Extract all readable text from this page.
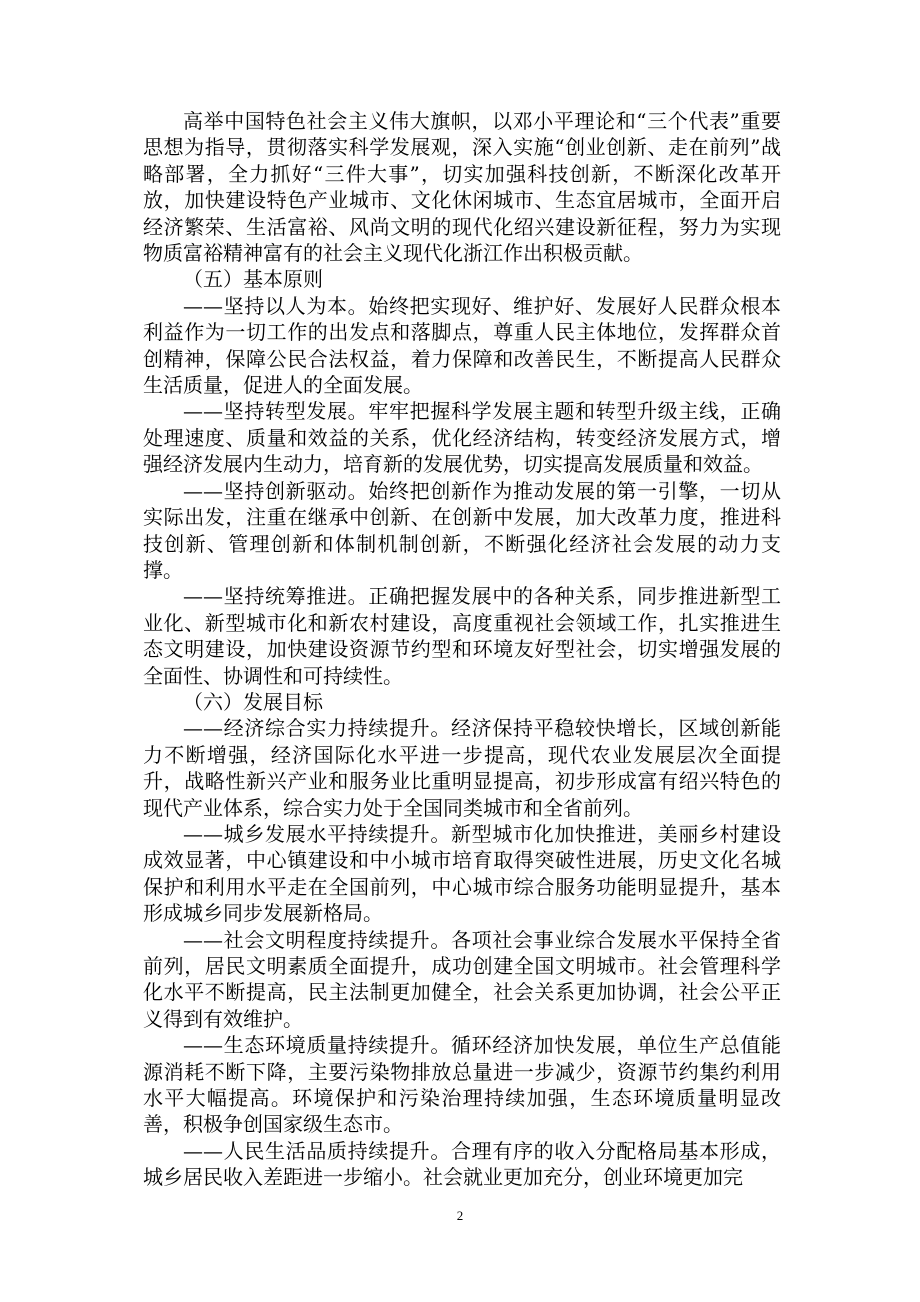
高举中国特色社会主义伟大旗帜，以邓小平理论和“三个代表”重要思想为指导，贯彻落实科学发展观，深入实施“创业创新、走在前列”战略部署，全力抓好“三件大事”，切实加强科技创新，不断深化改革开放，加快建设特色产业城市、文化休闲城市、生态宜居城市，全面开启经济繁荣、生活富裕、风尚文明的现代化绍兴建设新征程，努力为实现物质富裕精神富有的社会主义现代化浙江作出积极贡献。

（五）基本原则

——坚持以人为本。始终把实现好、维护好、发展好人民群众根本利益作为一切工作的出发点和落脚点，尊重人民主体地位，发挥群众首创精神，保障公民合法权益，着力保障和改善民生，不断提高人民群众生活质量，促进人的全面发展。

——坚持转型发展。牢牢把握科学发展主题和转型升级主线，正确处理速度、质量和效益的关系，优化经济结构，转变经济发展方式，增强经济发展内生动力，培育新的发展优势，切实提高发展质量和效益。

——坚持创新驱动。始终把创新作为推动发展的第一引擎，一切从实际出发，注重在继承中创新、在创新中发展，加大改革力度，推进科技创新、管理创新和体制机制创新，不断强化经济社会发展的动力支撑。

——坚持统筹推进。正确把握发展中的各种关系，同步推进新型工业化、新型城市化和新农村建设，高度重视社会领域工作，扎实推进生态文明建设，加快建设资源节约型和环境友好型社会，切实增强发展的全面性、协调性和可持续性。

（六）发展目标

——经济综合实力持续提升。经济保持平稳较快增长，区域创新能力不断增强，经济国际化水平进一步提高，现代农业发展层次全面提升，战略性新兴产业和服务业比重明显提高，初步形成富有绍兴特色的现代产业体系，综合实力处于全国同类城市和全省前列。

——城乡发展水平持续提升。新型城市化加快推进，美丽乡村建设成效显著，中心镇建设和中小城市培育取得突破性进展，历史文化名城保护和利用水平走在全国前列，中心城市综合服务功能明显提升，基本形成城乡同步发展新格局。

——社会文明程度持续提升。各项社会事业综合发展水平保持全省前列，居民文明素质全面提升，成功创建全国文明城市。社会管理科学化水平不断提高，民主法制更加健全，社会关系更加协调，社会公平正义得到有效维护。

——生态环境质量持续提升。循环经济加快发展，单位生产总值能源消耗不断下降，主要污染物排放总量进一步减少，资源节约集约利用水平大幅提高。环境保护和污染治理持续加强，生态环境质量明显改善，积极争创国家级生态市。

——人民生活品质持续提升。合理有序的收入分配格局基本形成，城乡居民收入差距进一步缩小。社会就业更加充分，创业环境更加完

2
